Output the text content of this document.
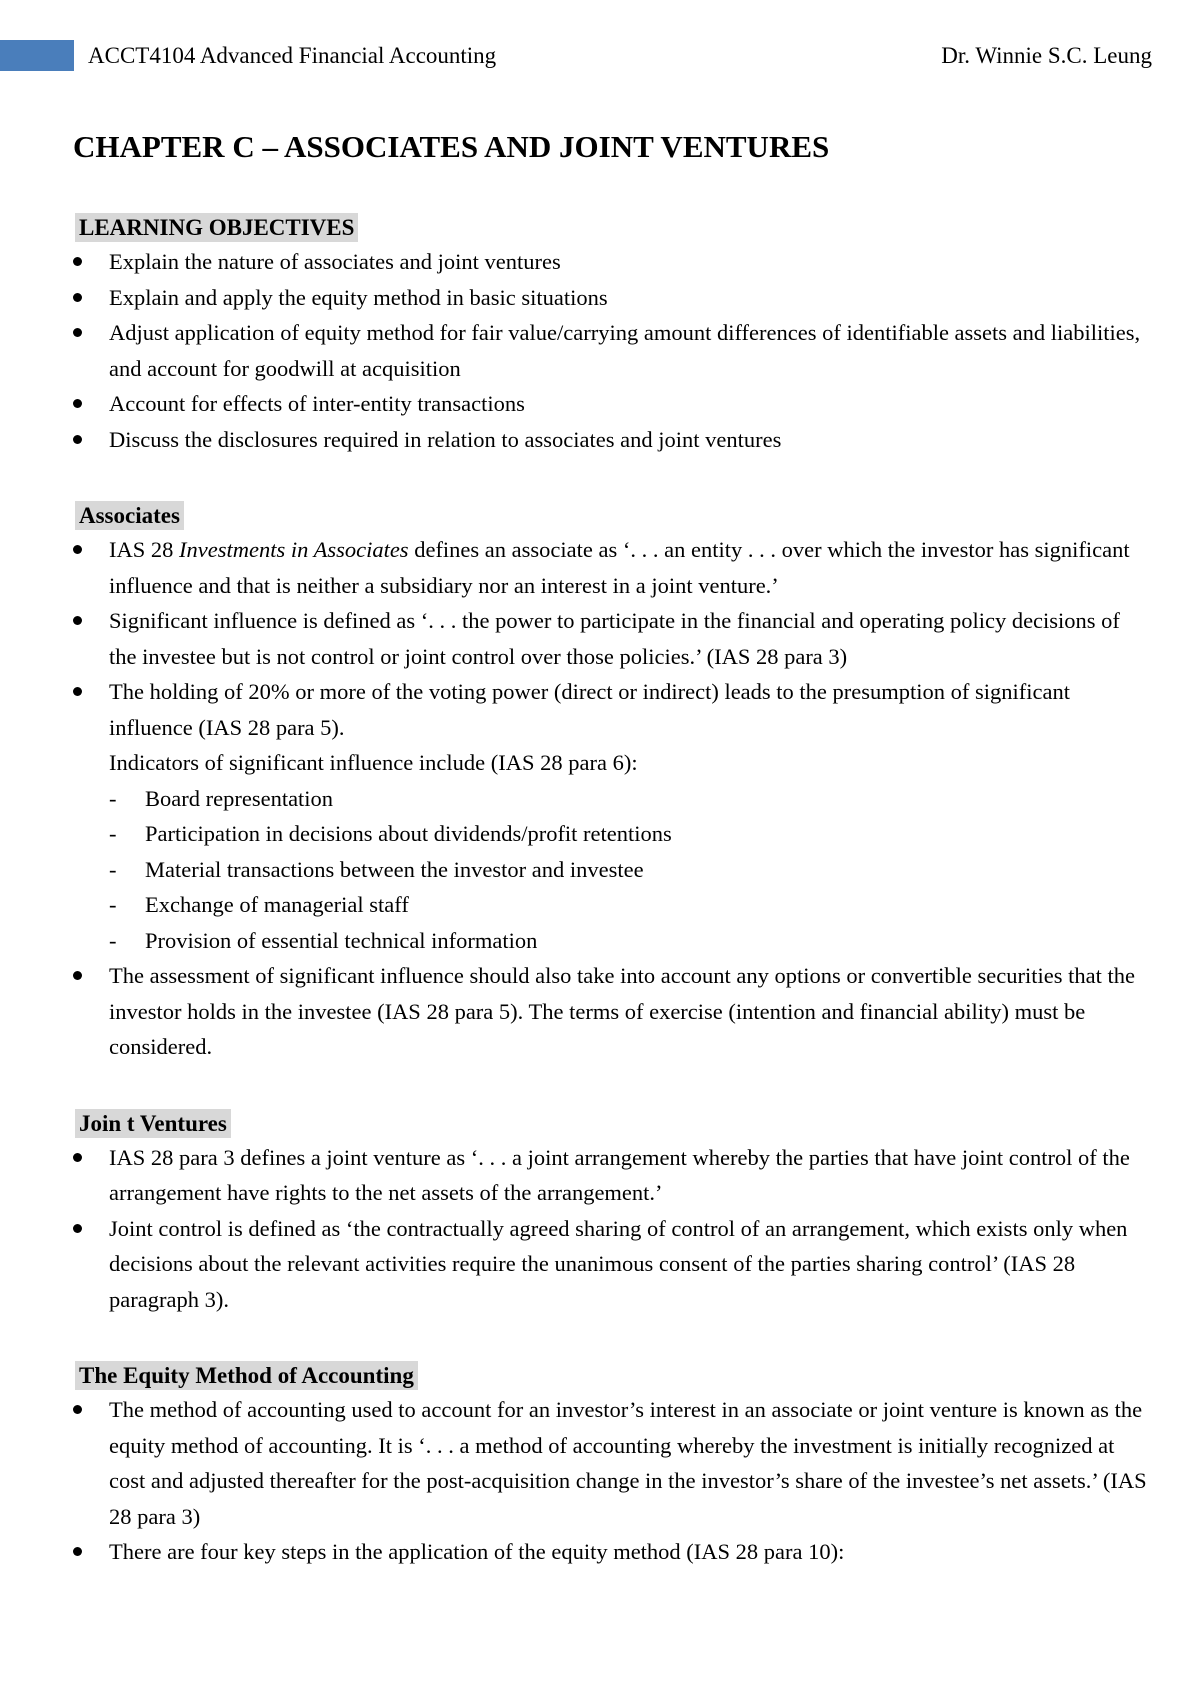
ACCT4104 Advanced Financial Accounting	Dr. Winnie S.C. Leung
CHAPTER C – ASSOCIATES AND JOINT VENTURES
LEARNING OBJECTIVES
Explain the nature of associates and joint ventures
Explain and apply the equity method in basic situations
Adjust application of equity method for fair value/carrying amount differences of identifiable assets and liabilities, and account for goodwill at acquisition
Account for effects of inter-entity transactions
Discuss the disclosures required in relation to associates and joint ventures
Associates
IAS 28 Investments in Associates defines an associate as ‘. . . an entity . . . over which the investor has significant influence and that is neither a subsidiary nor an interest in a joint venture.’
Significant influence is defined as ‘. . . the power to participate in the financial and operating policy decisions of the investee but is not control or joint control over those policies.’ (IAS 28 para 3)
The holding of 20% or more of the voting power (direct or indirect) leads to the presumption of significant influence (IAS 28 para 5).
Indicators of significant influence include (IAS 28 para 6):
- Board representation
- Participation in decisions about dividends/profit retentions
- Material transactions between the investor and investee
- Exchange of managerial staff
- Provision of essential technical information
The assessment of significant influence should also take into account any options or convertible securities that the investor holds in the investee (IAS 28 para 5). The terms of exercise (intention and financial ability) must be considered.
Join t Ventures
IAS 28 para 3 defines a joint venture as ‘. . . a joint arrangement whereby the parties that have joint control of the arrangement have rights to the net assets of the arrangement.’
Joint control is defined as ‘the contractually agreed sharing of control of an arrangement, which exists only when decisions about the relevant activities require the unanimous consent of the parties sharing control’ (IAS 28 paragraph 3).
The Equity Method of Accounting
The method of accounting used to account for an investor’s interest in an associate or joint venture is known as the equity method of accounting. It is ‘. . . a method of accounting whereby the investment is initially recognized at cost and adjusted thereafter for the post-acquisition change in the investor’s share of the investee’s net assets.’ (IAS 28 para 3)
There are four key steps in the application of the equity method (IAS 28 para 10):
